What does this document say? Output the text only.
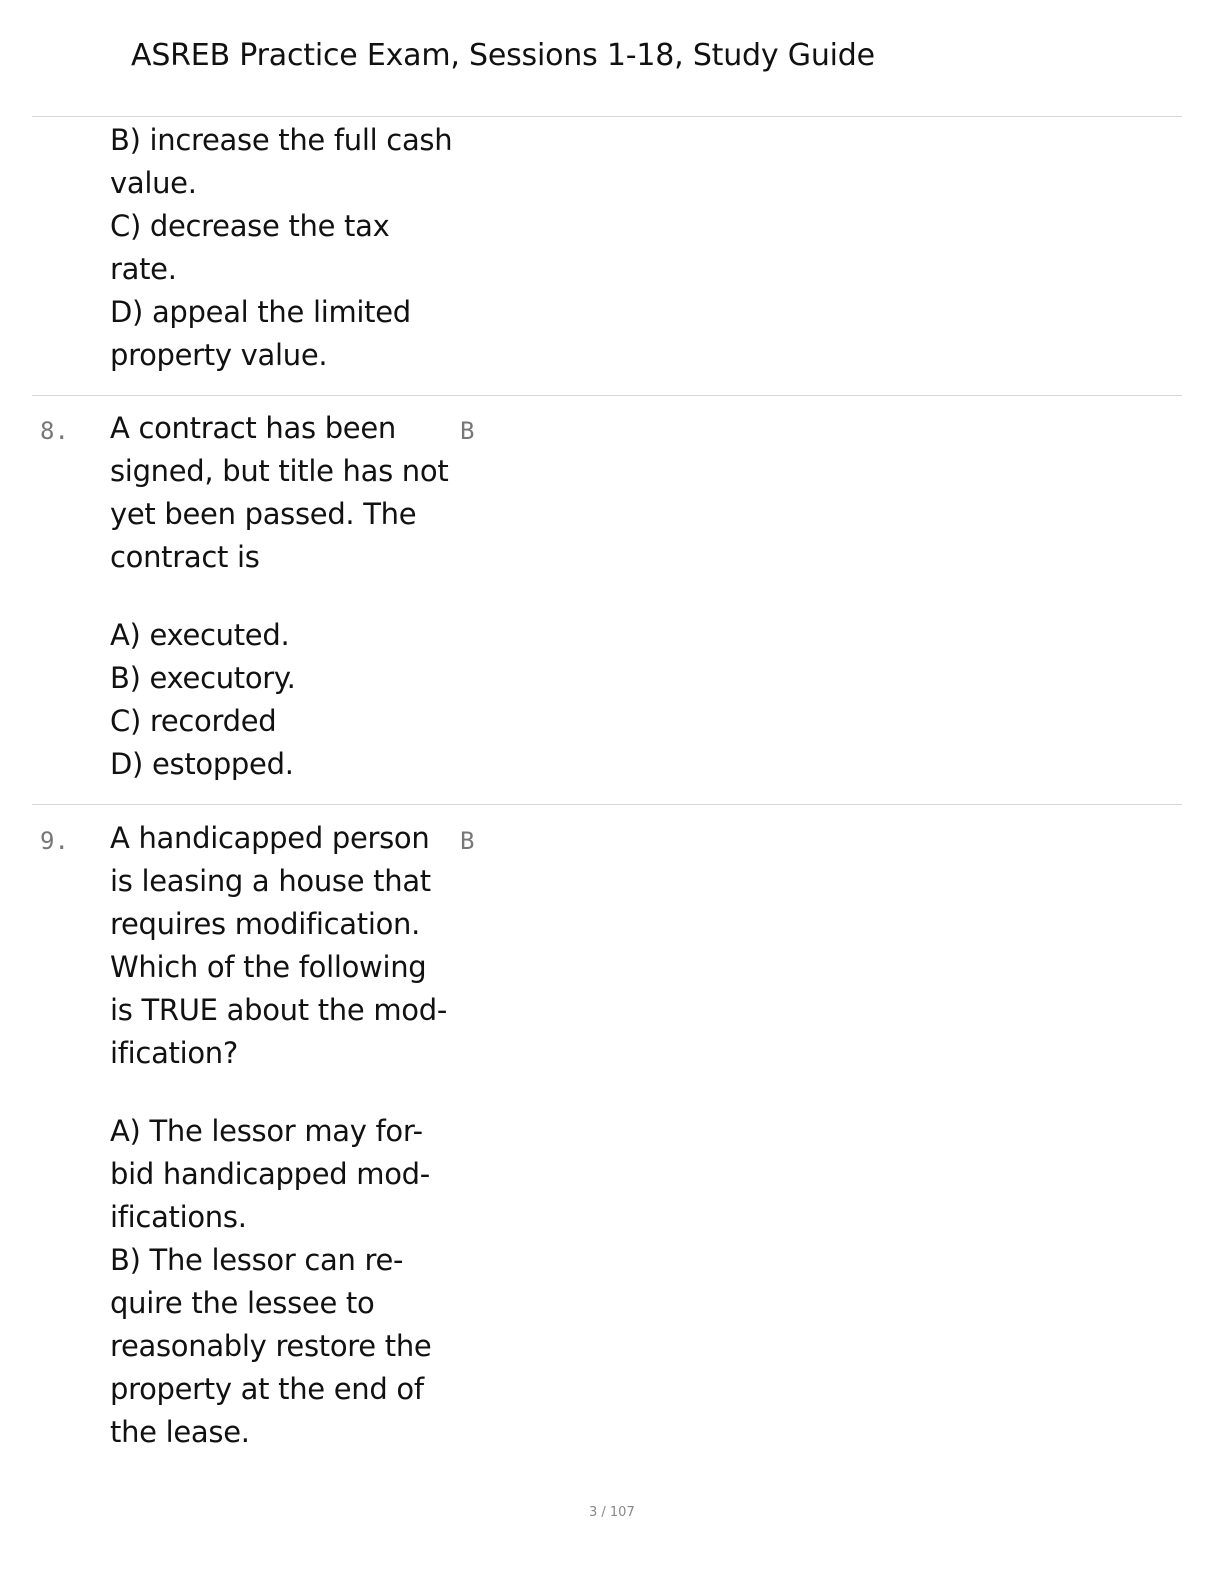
ASREB Practice Exam, Sessions 1-18, Study Guide
B) increase the full cash
value.
C) decrease the tax
rate.
D) appeal the limited
property value.
8.	B
A contract has been
signed, but title has not
yet been passed. The
contract is
A) executed.
B) executory.
C) recorded
D) estopped.
9.	B
A handicapped person
is leasing a house that
requires modification.
Which of the following
is TRUE about the mod-
ification?
A) The lessor may for-
bid handicapped mod-
ifications.
B) The lessor can re-
quire the lessee to
reasonably restore the
property at the end of
the lease.
3 / 107
